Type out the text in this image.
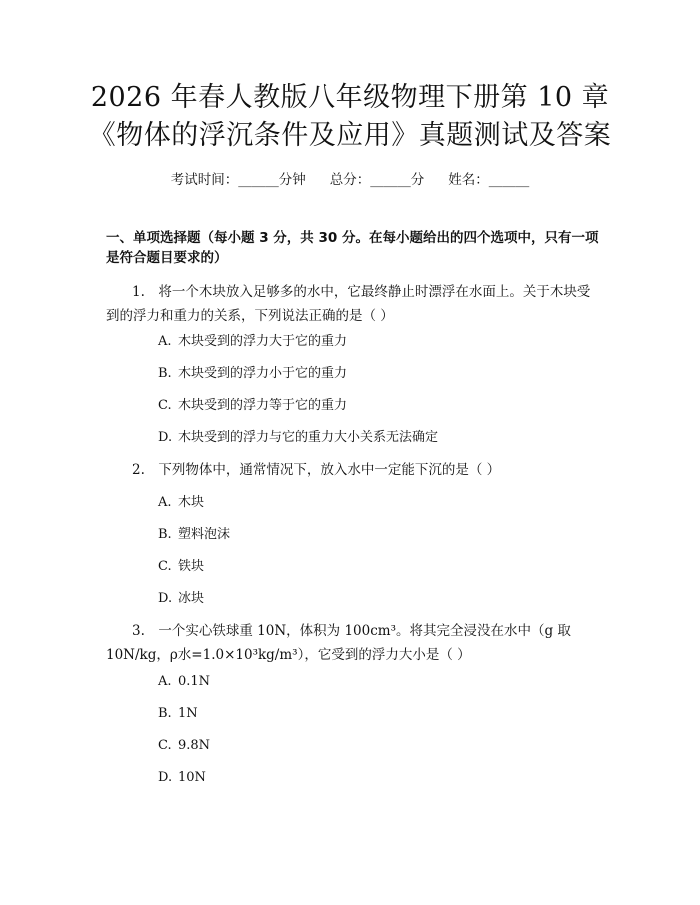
2026 年春人教版八年级物理下册第 10 章
《物体的浮沉条件及应用》真题测试及答案
考试时间：______分钟 总分：______分 姓名：______
一、单项选择题（每小题 3 分，共 30 分。在每小题给出的四个选项中，只有一项是符合题目要求的）
1.　将一个木块放入足够多的水中，它最终静止时漂浮在水面上。关于木块受到的浮力和重力的关系，下列说法正确的是（ ）
A. 木块受到的浮力大于它的重力
B. 木块受到的浮力小于它的重力
C. 木块受到的浮力等于它的重力
D. 木块受到的浮力与它的重力大小关系无法确定
2.　下列物体中，通常情况下，放入水中一定能下沉的是（ ）
A. 木块
B. 塑料泡沫
C. 铁块
D. 冰块
3.　一个实心铁球重 10N，体积为 100cm³。将其完全浸没在水中（g 取 10N/kg，ρ水=1.0×10³kg/m³），它受到的浮力大小是（ ）
A. 0.1N
B. 1N
C. 9.8N
D. 10N
